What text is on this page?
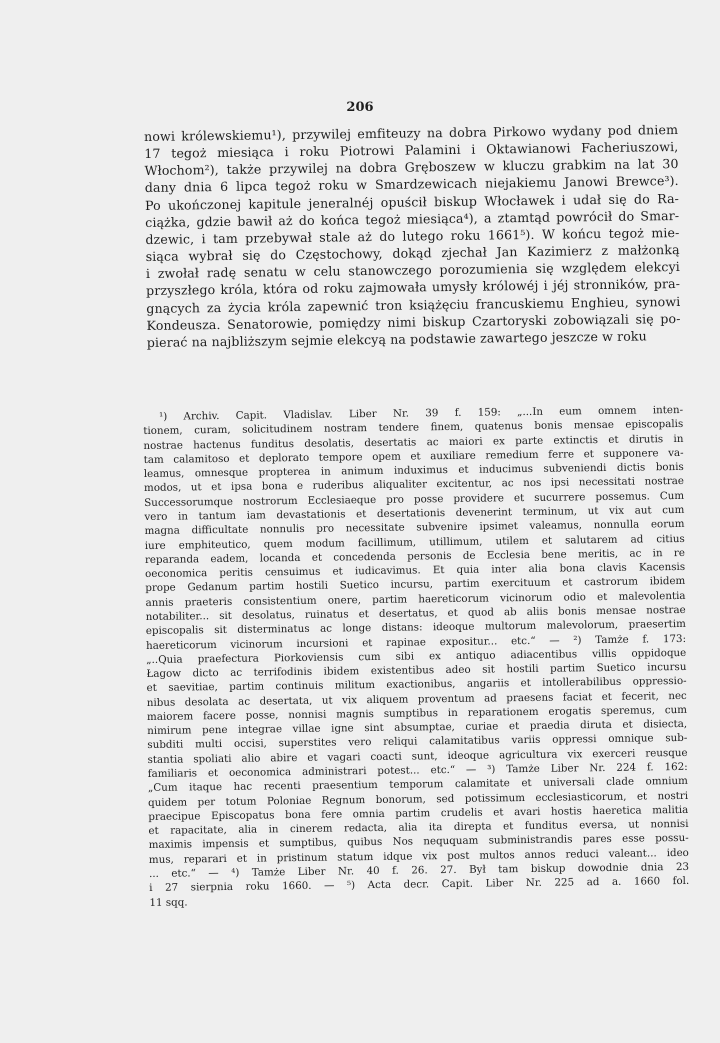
206
nowi królewskiemu¹), przywilej emfiteuzy na dobra Pirkowo wydany pod dniem
17 tegoż miesiąca i roku Piotrowi Palamini i Oktawianowi Facheriuszowi,
Włochom²), także przywilej na dobra Gręboszew w kluczu grabkim na lat 30
dany dnia 6 lipca tegoż roku w Smardzewicach niejakiemu Janowi Brewce³).
Po ukończonej kapitule jeneralnéj opuścił biskup Włocławek i udał się do Ra-
ciążka, gdzie bawił aż do końca tegoż miesiąca⁴), a ztamtąd powrócił do Smar-
dzewic, i tam przebywał stale aż do lutego roku 1661⁵). W końcu tegoż mie-
siąca wybrał się do Częstochowy, dokąd zjechał Jan Kazimierz z małżonką
i zwołał radę senatu w celu stanowczego porozumienia się względem elekcyi
przyszłego króla, która od roku zajmowała umysły królowéj i jéj stronników, pra-
gnących za życia króla zapewnić tron książęciu francuskiemu Enghieu, synowi
Kondeusza. Senatorowie, pomiędzy nimi biskup Czartoryski zobowiązali się po-
pierać na najbliższym sejmie elekcyą na podstawie zawartego jeszcze w roku
¹) Archiv. Capit. Vladislav. Liber Nr. 39 f. 159: „...In eum omnem inten-
tionem, curam, solicitudinem nostram tendere finem, quatenus bonis mensae episcopalis
nostrae hactenus funditus desolatis, desertatis ac maiori ex parte extinctis et dirutis in
tam calamitoso et deplorato tempore opem et auxiliare remedium ferre et supponere va-
leamus, omnesque propterea in animum induximus et inducimus subveniendi dictis bonis
modos, ut et ipsa bona e ruderibus aliqualiter excitentur, ac nos ipsi necessitati nostrae
Successorumque nostrorum Ecclesiaeque pro posse providere et sucurrere possemus. Cum
vero in tantum iam devastationis et desertationis devenerint terminum, ut vix aut cum
magna difficultate nonnulis pro necessitate subvenire ipsimet valeamus, nonnulla eorum
iure emphiteutico, quem modum facillimum, utillimum, utilem et salutarem ad citius
reparanda eadem, locanda et concedenda personis de Ecclesia bene meritis, ac in re
oeconomica peritis censuimus et iudicavimus. Et quia inter alia bona clavis Kacensis
prope Gedanum partim hostili Suetico incursu, partim exercituum et castrorum ibidem
annis praeteris consistentium onere, partim haereticorum vicinorum odio et malevolentia
notabiliter... sit desolatus, ruinatus et desertatus, et quod ab aliis bonis mensae nostrae
episcopalis sit disterminatus ac longe distans: ideoque multorum malevolorum, praesertim
haereticorum vicinorum incursioni et rapinae expositur... etc.“ — ²) Tamże f. 173:
„..Quia praefectura Piorkoviensis cum sibi ex antiquo adiacentibus villis oppidoque
Łagow dicto ac terrifodinis ibidem existentibus adeo sit hostili partim Suetico incursu
et saevitiae, partim continuis militum exactionibus, angariis et intollerabilibus oppressio-
nibus desolata ac desertata, ut vix aliquem proventum ad praesens faciat et fecerit, nec
maiorem facere posse, nonnisi magnis sumptibus in reparationem erogatis speremus, cum
nimirum pene integrae villae igne sint absumptae, curiae et praedia diruta et disiecta,
subditi multi occisi, superstites vero reliqui calamitatibus variis oppressi omnique sub-
stantia spoliati alio abire et vagari coacti sunt, ideoque agricultura vix exerceri reusque
familiaris et oeconomica administrari potest... etc.“ — ³) Tamże Liber Nr. 224 f. 162:
„Cum itaque hac recenti praesentium temporum calamitate et universali clade omnium
quidem per totum Poloniae Regnum bonorum, sed potissimum ecclesiasticorum, et nostri
praecipue Episcopatus bona fere omnia partim crudelis et avari hostis haeretica malitia
et rapacitate, alia in cinerem redacta, alia ita direpta et funditus eversa, ut nonnisi
maximis impensis et sumptibus, quibus Nos neququam subministrandis pares esse possu-
mus, reparari et in pristinum statum idque vix post multos annos reduci valeant... ideo
... etc.“ — ⁴) Tamże Liber Nr. 40 f. 26. 27. Był tam biskup dowodnie dnia 23
i 27 sierpnia roku 1660. — ⁵) Acta decr. Capit. Liber Nr. 225 ad a. 1660 fol.
11 sqq.
